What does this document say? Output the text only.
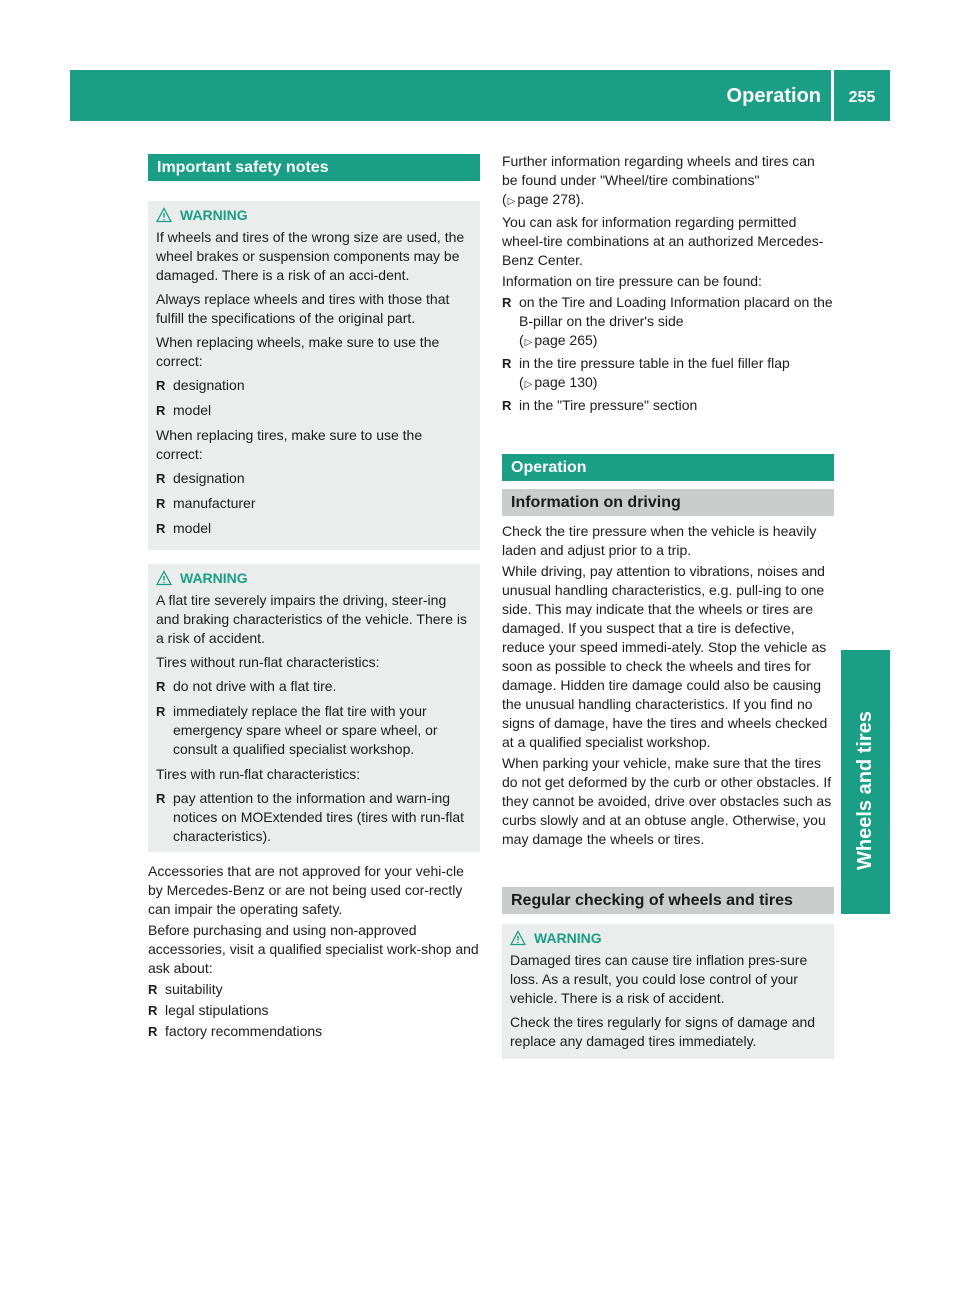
Operation	255
Wheels and tires
Important safety notes
WARNING

If wheels and tires of the wrong size are used, the wheel brakes or suspension components may be damaged. There is a risk of an acci-dent.

Always replace wheels and tires with those that fulfill the specifications of the original part.

When replacing wheels, make sure to use the correct:

R designation
R model

When replacing tires, make sure to use the correct:

R designation
R manufacturer
R model
WARNING

A flat tire severely impairs the driving, steer-ing and braking characteristics of the vehicle. There is a risk of accident.

Tires without run-flat characteristics:

R do not drive with a flat tire.
R immediately replace the flat tire with your emergency spare wheel or spare wheel, or consult a qualified specialist workshop.

Tires with run-flat characteristics:

R pay attention to the information and warn-ing notices on MOExtended tires (tires with run-flat characteristics).

Accessories that are not approved for your vehi-cle by Mercedes-Benz or are not being used cor-rectly can impair the operating safety.

Before purchasing and using non-approved accessories, visit a qualified specialist work-shop and ask about:

R suitability
R legal stipulations
R factory recommendations

Further information regarding wheels and tires can be found under "Wheel/tire combinations"
(▷ page 278).

You can ask for information regarding permitted wheel-tire combinations at an authorized Mercedes-Benz Center.

Information on tire pressure can be found:

R on the Tire and Loading Information placard on the B-pillar on the driver's side
(▷ page 265)
R in the tire pressure table in the fuel filler flap
(▷ page 130)
R in the "Tire pressure" section
Operation
Information on driving

Check the tire pressure when the vehicle is heavily laden and adjust prior to a trip.

While driving, pay attention to vibrations, noises and unusual handling characteristics, e.g. pull-ing to one side. This may indicate that the wheels or tires are damaged. If you suspect that a tire is defective, reduce your speed immedi-ately. Stop the vehicle as soon as possible to check the wheels and tires for damage. Hidden tire damage could also be causing the unusual handling characteristics. If you find no signs of damage, have the tires and wheels checked at a qualified specialist workshop.

When parking your vehicle, make sure that the tires do not get deformed by the curb or other obstacles. If they cannot be avoided, drive over obstacles such as curbs slowly and at an obtuse angle. Otherwise, you may damage the wheels or tires.

Regular checking of wheels and tires
WARNING

Damaged tires can cause tire inflation pres-sure loss. As a result, you could lose control of your vehicle. There is a risk of accident.

Check the tires regularly for signs of damage and replace any damaged tires immediately.
